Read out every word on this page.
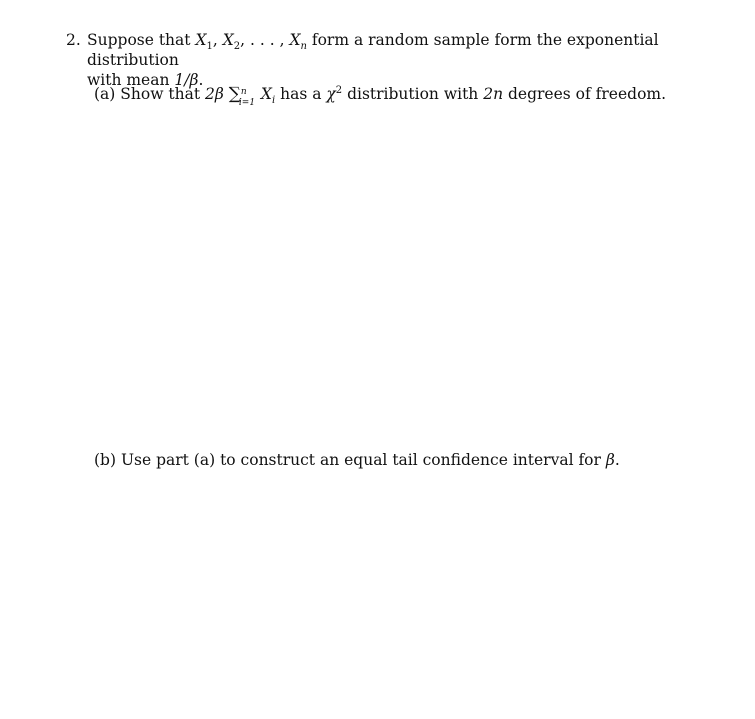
2. Suppose that $X_1$, $X_2$, . . . , $X_n$ form a random sample form the exponential distribution
with mean 1/β.
(a) Show that 2β ∑ n
i=1 $X_i$ has a $\chi^2$ distribution with 2n degrees of freedom.
(b) Use part (a) to construct an equal tail confidence interval for β.
